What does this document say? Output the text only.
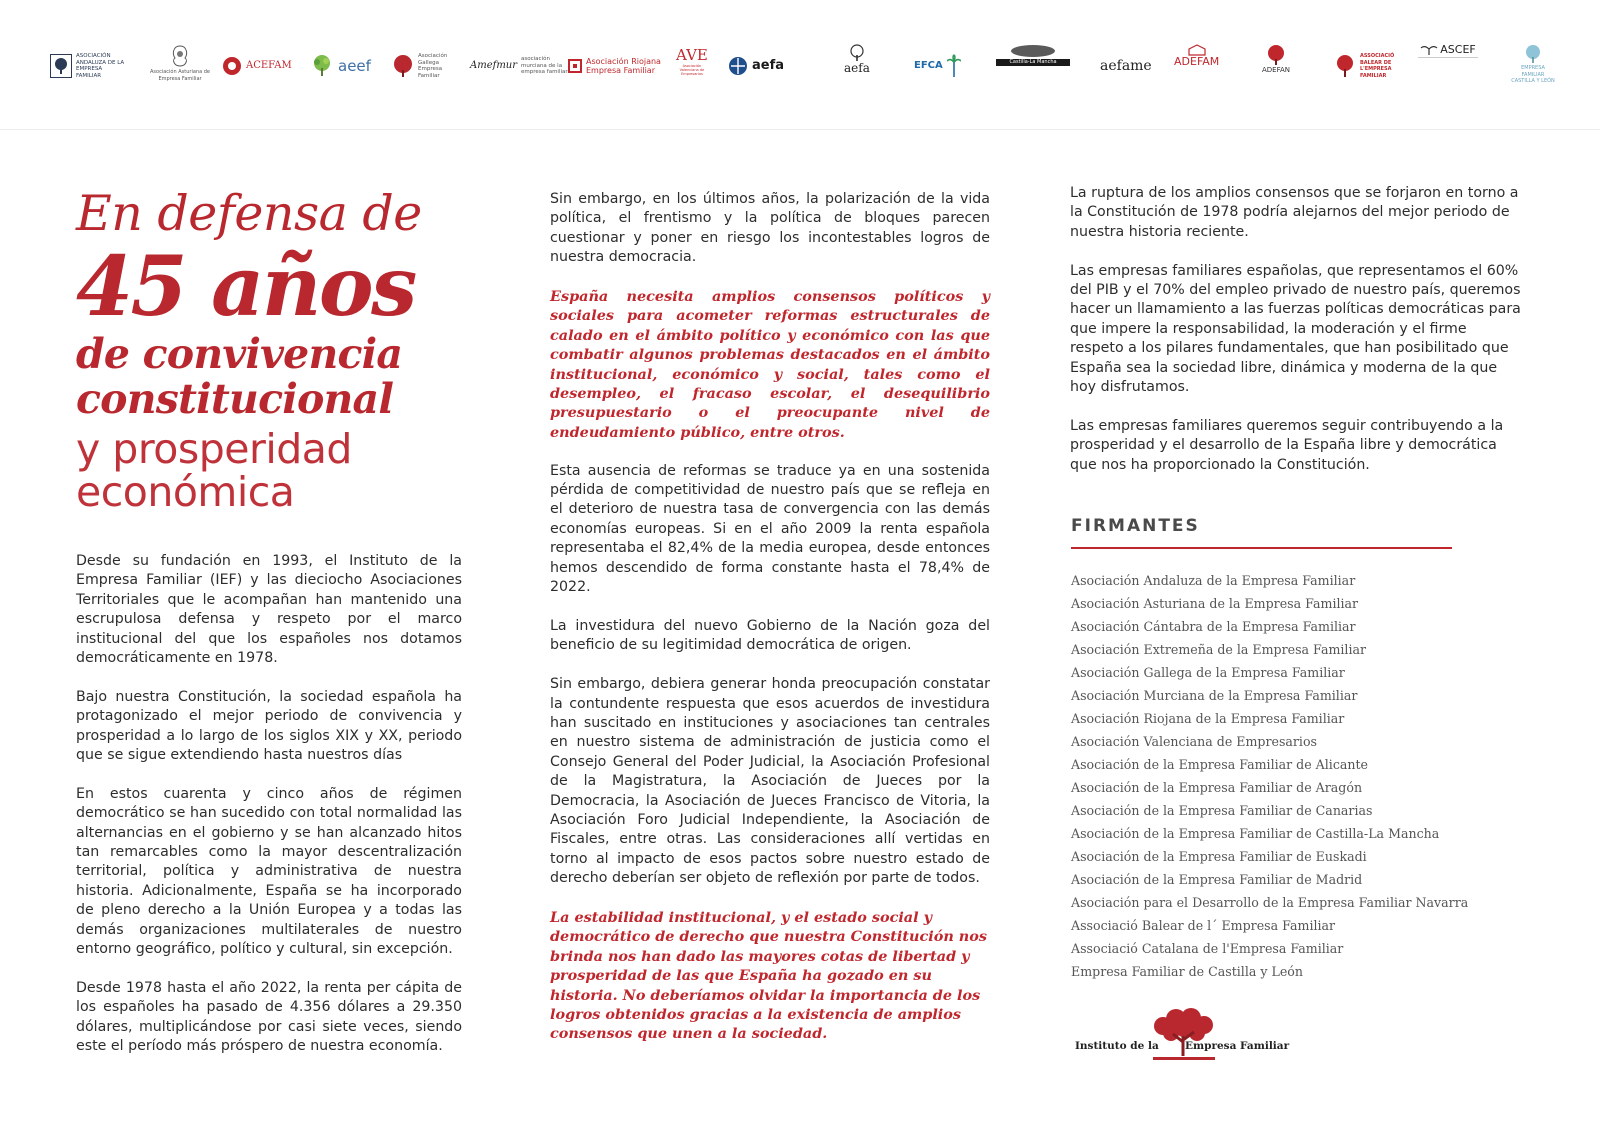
ASOCIACIÓN ANDALUZA DE LA EMPRESA FAMILIAR
Asociación Asturiana de Empresa Familiar
ACEFAM	aeef
Asociación Gallega Empresa Familiar
Amefmur
asociación murciana de la empresa familiar
Asociación Riojana Empresa Familiar
AVE
Asociación Valenciana de Empresarios
aefa	aefa	EFCA	Castilla-La Mancha	aefame ADEFAM
ADEFAN
ASSOCIACIÓ BALEAR DE L'EMPRESA FAMILIAR
ASCEF
EMPRESA FAMILIAR CASTILLA Y LEÓN
En defensa de
45 años
de convivencia
constitucional
y prosperidad
económica

Desde su fundación en 1993, el Instituto de la Empresa Familiar (IEF) y las dieciocho Asociaciones Territoriales que le acompañan han mantenido una escrupulosa defensa y respeto por el marco institucional del que los españoles nos dotamos democráticamente en 1978.

Bajo nuestra Constitución, la sociedad española ha protagonizado el mejor periodo de convivencia y prosperidad a lo largo de los siglos XIX y XX, periodo que se sigue extendiendo hasta nuestros días

En estos cuarenta y cinco años de régimen democrático se han sucedido con total normalidad las alternancias en el gobierno y se han alcanzado hitos tan remarcables como la mayor descentralización territorial, política y administrativa de nuestra historia. Adicionalmente, España se ha incorporado de pleno derecho a la Unión Europea y a todas las demás organizaciones multilaterales de nuestro entorno geográfico, político y cultural, sin excepción.

Desde 1978 hasta el año 2022, la renta per cápita de los españoles ha pasado de 4.356 dólares a 29.350 dólares, multiplicándose por casi siete veces, siendo este el período más próspero de nuestra economía.

Sin embargo, en los últimos años, la polarización de la vida política, el frentismo y la política de bloques parecen cuestionar y poner en riesgo los incontestables logros de nuestra democracia.

España necesita amplios consensos políticos y sociales para acometer reformas estructurales de calado en el ámbito político y económico con las que combatir algunos problemas destacados en el ámbito institucional, económico y social, tales como el desempleo, el fracaso escolar, el desequilibrio presupuestario o el preocupante nivel de endeudamiento público, entre otros.

Esta ausencia de reformas se traduce ya en una sostenida pérdida de competitividad de nuestro país que se refleja en el deterioro de nuestra tasa de convergencia con las demás economías europeas. Si en el año 2009 la renta española representaba el 82,4% de la media europea, desde entonces hemos descendido de forma constante hasta el 78,4% de 2022.

La investidura del nuevo Gobierno de la Nación goza del beneficio de su legitimidad democrática de origen.

Sin embargo, debiera generar honda preocupación constatar la contundente respuesta que esos acuerdos de investidura han suscitado en instituciones y asociaciones tan centrales en nuestro sistema de administración de justicia como el Consejo General del Poder Judicial, la Asociación Profesional de la Magistratura, la Asociación de Jueces por la Democracia, la Asociación de Jueces Francisco de Vitoria, la Asociación Foro Judicial Independiente, la Asociación de Fiscales, entre otras. Las consideraciones allí vertidas en torno al impacto de esos pactos sobre nuestro estado de derecho deberían ser objeto de reflexión por parte de todos.

La estabilidad institucional, y el estado social y democrático de derecho que nuestra Constitución nos brinda nos han dado las mayores cotas de libertad y prosperidad de las que España ha gozado en su historia. No deberíamos olvidar la importancia de los logros obtenidos gracias a la existencia de amplios consensos que unen a la sociedad.

La ruptura de los amplios consensos que se forjaron en torno a la Constitución de 1978 podría alejarnos del mejor periodo de nuestra historia reciente.

Las empresas familiares españolas, que representamos el 60% del PIB y el 70% del empleo privado de nuestro país, queremos hacer un llamamiento a las fuerzas políticas democráticas para que impere la responsabilidad, la moderación y el firme respeto a los pilares fundamentales, que han posibilitado que España sea la sociedad libre, dinámica y moderna de la que hoy disfrutamos.

Las empresas familiares queremos seguir contribuyendo a la prosperidad y el desarrollo de la España libre y democrática que nos ha proporcionado la Constitución.

FIRMANTES
Asociación Andaluza de la Empresa Familiar
Asociación Asturiana de la Empresa Familiar
Asociación Cántabra de la Empresa Familiar
Asociación Extremeña de la Empresa Familiar
Asociación Gallega de la Empresa Familiar
Asociación Murciana de la Empresa Familiar
Asociación Riojana de la Empresa Familiar
Asociación Valenciana de Empresarios
Asociación de la Empresa Familiar de Alicante
Asociación de la Empresa Familiar de Aragón
Asociación de la Empresa Familiar de Canarias
Asociación de la Empresa Familiar de Castilla-La Mancha
Asociación de la Empresa Familiar de Euskadi
Asociación de la Empresa Familiar de Madrid
Asociación para el Desarrollo de la Empresa Familiar Navarra
Associació Balear de l´ Empresa Familiar
Associació Catalana de l'Empresa Familiar
Empresa Familiar de Castilla y León
Instituto de la Empresa Familiar
